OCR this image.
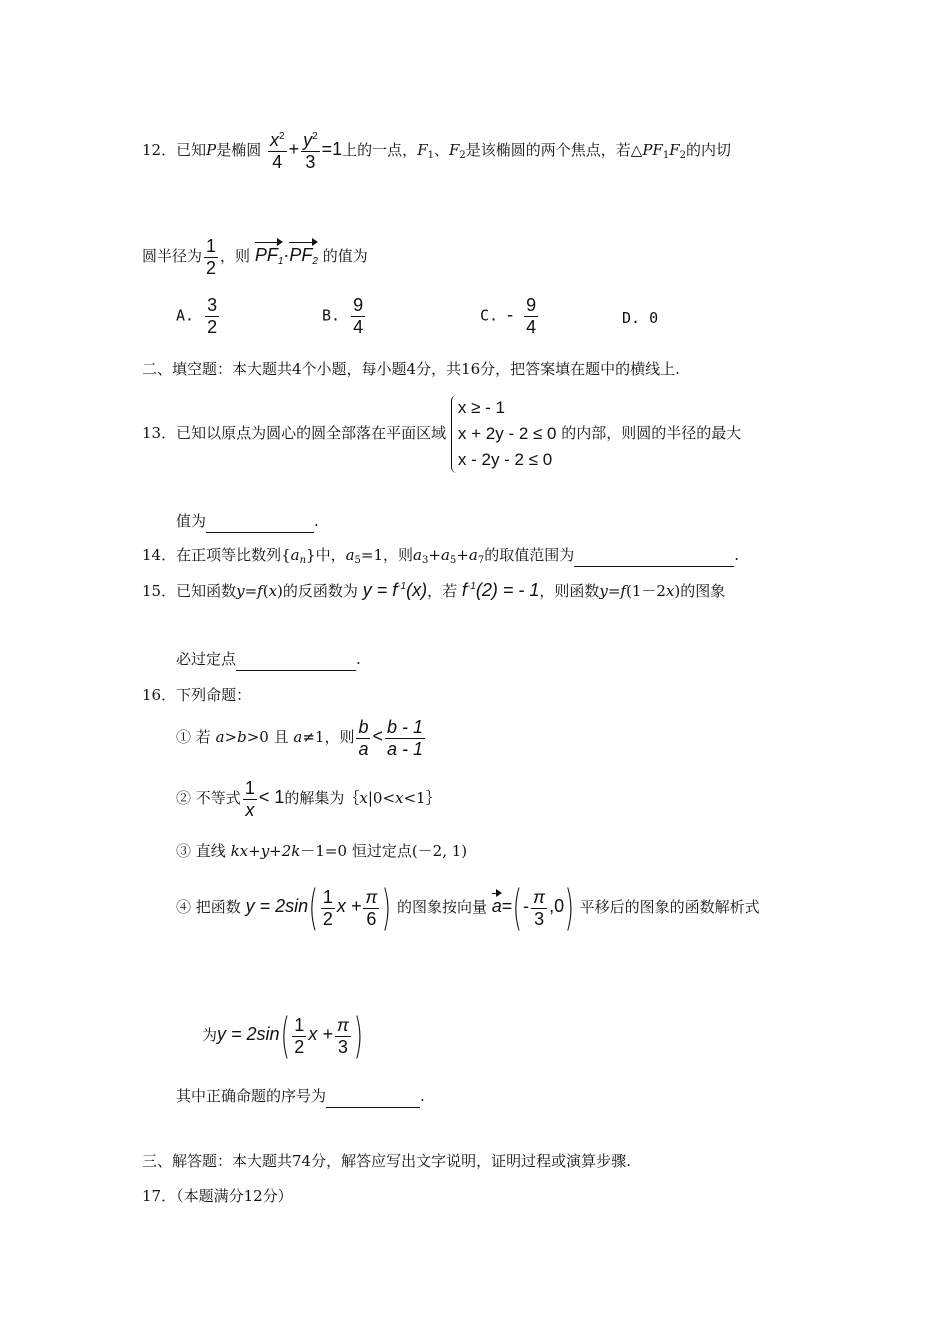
12．已知P是椭圆 $\frac{x^2}{4} + \frac{y^2}{3} =1$上的一点，$F_1$、$F_2$是该椭圆的两个焦点，若$\triangle PF_1F_2$的内切
圆半径为 $\frac{1}{2}$ ，则 $PF_1\cdot PF_2$ 的值为
A. $\frac{3}{2}$	B. $\frac{9}{4}$	C. - $\frac{9}{4}$	D. 0
二、填空题：本大题共4个小题，每小题4分，共16分，把答案填在题中的横线上.
13．已知以原点为圆心的圆全部落在平面区域
x ≥ - 1
x + 2y - 2 ≤ 0
x - 2y - 2 ≤ 0
的内部，则圆的半径的最大
值为	.
14．在正项等比数列$\{a_n\}$中，$a_5=1$，则$a_3+a_5+a_7$的取值范围为	.
15．已知函数y=f(x)的反函数为 $y = f^{-1}(x)$，若 $f^{-1}(2)$ = - 1，则函数y=f(1－2x)的图象
必过定点	.
16．下列命题：
① 若 a>b>0 且 a≠1，则 $\frac{b}{a} < \frac{b - 1}{a - 1}$
② 不等式 $\frac{1}{x} < 1$的解集为｛x|0<x<1｝
③ 直线 kx+y+2k－1=0 恒过定点(－2, 1)
④ 把函数 $y = 2\sin( \frac{1}{2}$ $x + \frac{\pi}{6}$ ) 的图象按向量 $a=(- \frac{\pi}{3} ,0)$ 平移后的图象的函数解析式
为$y = 2\sin( \frac{1}{2}$ $x + \frac{\pi}{3}$ )
其中正确命题的序号为	.
三、解答题：本大题共74分，解答应写出文字说明，证明过程或演算步骤.
17．（本题满分12分）
